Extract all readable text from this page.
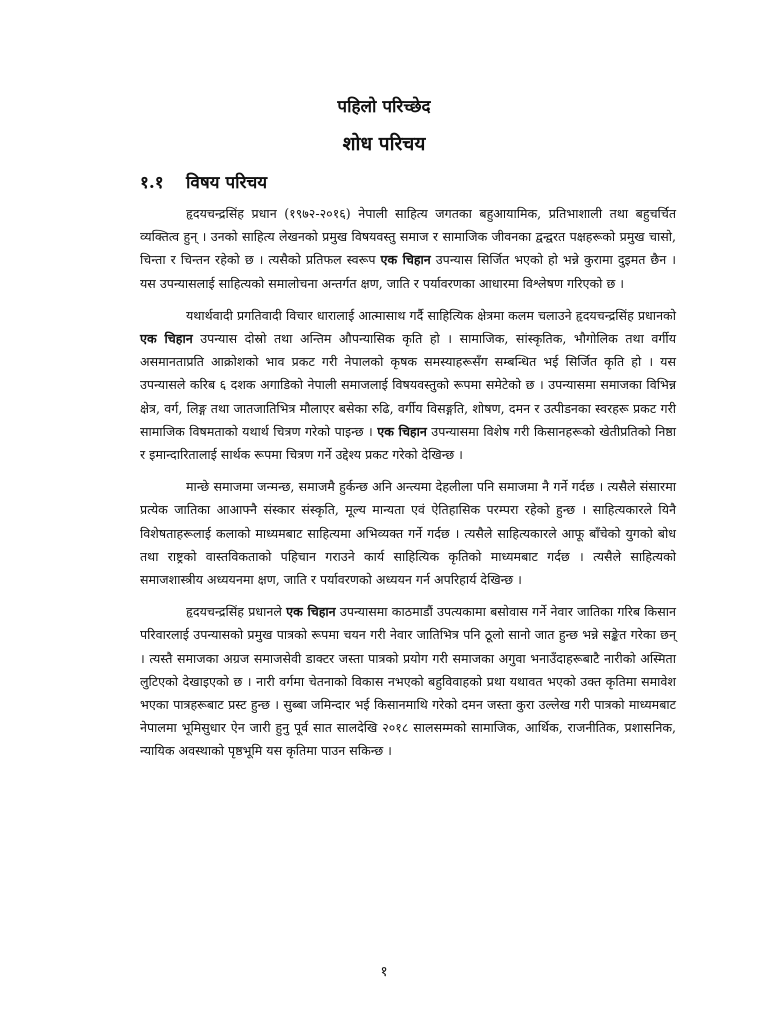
पहिलो परिच्छेद
शोध परिचय
१.१ विषय परिचय

हृदयचन्द्रसिंह प्रधान (१९७२-२०१६) नेपाली साहित्य जगतका बहुआयामिक, प्रतिभाशाली तथा बहुचर्चित व्यक्तित्व हुन् । उनको साहित्य लेखनको प्रमुख विषयवस्तु समाज र सामाजिक जीवनका द्वन्द्वरत पक्षहरूको प्रमुख चासो, चिन्ता र चिन्तन रहेको छ । त्यसैको प्रतिफल स्वरूप एक चिहान उपन्यास सिर्जित भएको हो भन्ने कुरामा दुइमत छैन । यस उपन्यासलाई साहित्यको समालोचना अन्तर्गत क्षण, जाति र पर्यावरणका आधारमा विश्लेषण गरिएको छ ।

यथार्थवादी प्रगतिवादी विचार धारालाई आत्मासाथ गर्दै साहित्यिक क्षेत्रमा कलम चलाउने हृदयचन्द्रसिंह प्रधानको एक चिहान उपन्यास दोस्रो तथा अन्तिम औपन्यासिक कृति हो । सामाजिक, सांस्कृतिक, भौगोलिक तथा वर्गीय असमानताप्रति आक्रोशको भाव प्रकट गरी नेपालको कृषक समस्याहरूसँग सम्बन्धित भई सिर्जित कृति हो । यस उपन्यासले करिब ६ दशक अगाडिको नेपाली समाजलाई विषयवस्तुको रूपमा समेटेको छ । उपन्यासमा समाजका विभिन्न क्षेत्र, वर्ग, लिङ्ग तथा जातजातिभित्र मौलाएर बसेका रुढि, वर्गीय विसङ्गति, शोषण, दमन र उत्पीडनका स्वरहरू प्रकट गरी सामाजिक विषमताको यथार्थ चित्रण गरेको पाइन्छ । एक चिहान उपन्यासमा विशेष गरी किसानहरूको खेतीप्रतिको निष्ठा र इमान्दारितालाई सार्थक रूपमा चित्रण गर्ने उद्देश्य प्रकट गरेको देखिन्छ ।

मान्छे समाजमा जन्मन्छ, समाजमै हुर्कन्छ अनि अन्त्यमा देहलीला पनि समाजमा नै गर्ने गर्दछ । त्यसैले संसारमा प्रत्येक जातिका आआफ्नै संस्कार संस्कृति, मूल्य मान्यता एवं ऐतिहासिक परम्परा रहेको हुन्छ । साहित्यकारले यिनै विशेषताहरूलाई कलाको माध्यमबाट साहित्यमा अभिव्यक्त गर्ने गर्दछ । त्यसैले साहित्यकारले आफू बाँचेको युगको बोध तथा राष्ट्रको वास्तविकताको पहिचान गराउने कार्य साहित्यिक कृतिको माध्यमबाट गर्दछ । त्यसैले साहित्यको समाजशास्त्रीय अध्ययनमा क्षण, जाति र पर्यावरणको अध्ययन गर्न अपरिहार्य देखिन्छ ।

हृदयचन्द्रसिंह प्रधानले एक चिहान उपन्यासमा काठमाडौं उपत्यकामा बसोवास गर्ने नेवार जातिका गरिब किसान परिवारलाई उपन्यासको प्रमुख पात्रको रूपमा चयन गरी नेवार जातिभित्र पनि ठूलो सानो जात हुन्छ भन्ने सङ्केत गरेका छन् । त्यस्तै समाजका अग्रज समाजसेवी डाक्टर जस्ता पात्रको प्रयोग गरी समाजका अगुवा भनाउँदाहरूबाटै नारीको अस्मिता लुटिएको देखाइएको छ । नारी वर्गमा चेतनाको विकास नभएको बहुविवाहको प्रथा यथावत भएको उक्त कृतिमा समावेश भएका पात्रहरूबाट प्रस्ट हुन्छ । सुब्बा जमिन्दार भई किसानमाथि गरेको दमन जस्ता कुरा उल्लेख गरी पात्रको माध्यमबाट नेपालमा भूमिसुधार ऐन जारी हुनु पूर्व सात सालदेखि २०१८ सालसम्मको सामाजिक, आर्थिक, राजनीतिक, प्रशासनिक, न्यायिक अवस्थाको पृष्ठभूमि यस कृतिमा पाउन सकिन्छ ।

१
